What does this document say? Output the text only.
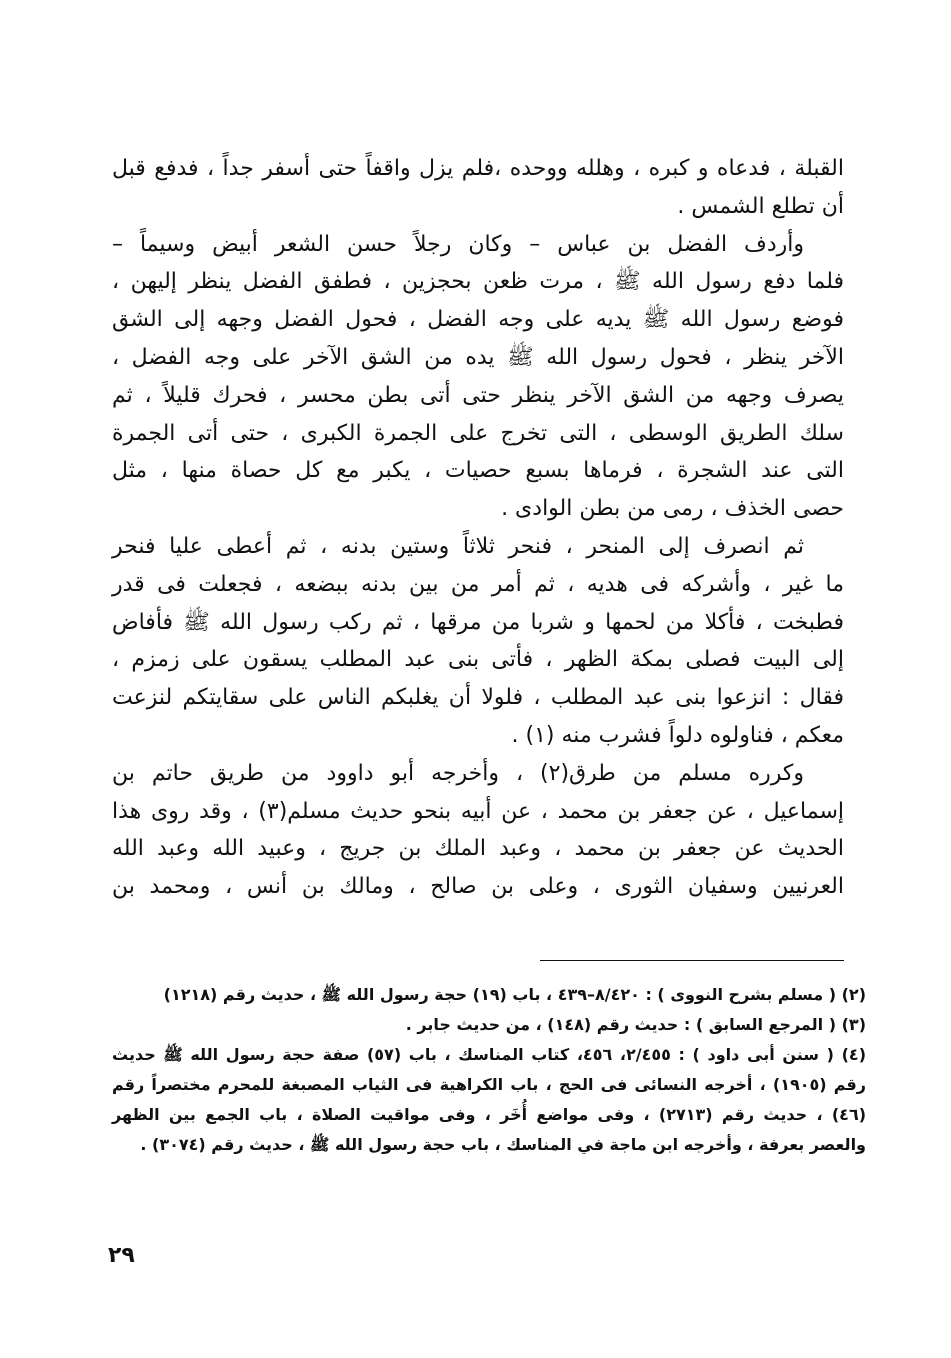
القبلة ، فدعاه و كبره ، وهلله ووحده ،فلم يزل واقفاً حتى أسفر جداً ، فدفع قبل
أن تطلع الشمس .

وأردف الفضل بن عباس – وكان رجلاً حسن الشعر أبيض وسيماً –
فلما دفع رسول الله ﷺ ، مرت ظعن بحجزين ، فطفق الفضل ينظر إليهن ،
فوضع رسول الله ﷺ يديه على وجه الفضل ، فحول الفضل وجهه إلى الشق
الآخر ينظر ، فحول رسول الله ﷺ يده من الشق الآخر على وجه الفضل ،
يصرف وجهه من الشق الآخر ينظر حتى أتى بطن محسر ، فحرك قليلاً ، ثم
سلك الطريق الوسطى ، التى تخرج على الجمرة الكبرى ، حتى أتى الجمرة
التى عند الشجرة ، فرماها بسبع حصيات ، يكبر مع كل حصاة منها ، مثل
حصى الخذف ، رمى من بطن الوادى .

ثم انصرف إلى المنحر ، فنحر ثلاثاً وستين بدنه ، ثم أعطى عليا فنحر
ما غير ، وأشركه فى هديه ، ثم أمر من بين بدنه ببضعه ، فجعلت فى قدر
فطبخت ، فأكلا من لحمها و شربا من مرقها ، ثم ركب رسول الله ﷺ فأفاض
إلى البيت فصلى بمكة الظهر ، فأتى بنى عبد المطلب يسقون على زمزم ،
فقال : انزعوا بنى عبد المطلب ، فلولا أن يغلبكم الناس على سقايتكم لنزعت
معكم ، فناولوه دلواً فشرب منه (١) .

وكرره مسلم من طرق(٢) ، وأخرجه أبو داوود من طريق حاتم بن
إسماعيل ، عن جعفر بن محمد ، عن أبيه بنحو حديث مسلم(٣) ، وقد روى هذا
الحديث عن جعفر بن محمد ، وعبد الملك بن جريج ، وعبيد الله وعبد الله
العرنيين وسفيان الثورى ، وعلى بن صالح ، ومالك بن أنس ، ومحمد بن

(٢) ( مسلم بشرح النووى ) : ٨/٤٢٠–٤٣٩ ، باب (١٩) حجة رسول الله ﷺ ، حديث رقم (١٢١٨)
(٣) ( المرجع السابق ) : حديث رقم (١٤٨) ، من حديث جابر .
(٤) ( سنن أبى داود ) : ٢/٤٥٥، ٤٥٦، كتاب المناسك ، باب (٥٧) صفة حجة رسول الله ﷺ حديث
رقم (١٩٠٥) ، أخرجه النسائى فى الحج ، باب الكراهية فى الثياب المصبغة للمحرم مختصراً رقم
(٤٦) ، حديث رقم (٢٧١٣) ، وفى مواضع أُخَر ، وفى مواقيت الصلاة ، باب الجمع بين الظهر
والعصر بعرفة ، وأخرجه ابن ماجة في المناسك ، باب حجة رسول الله ﷺ ، حديث رقم (٣٠٧٤) .
٢٩
